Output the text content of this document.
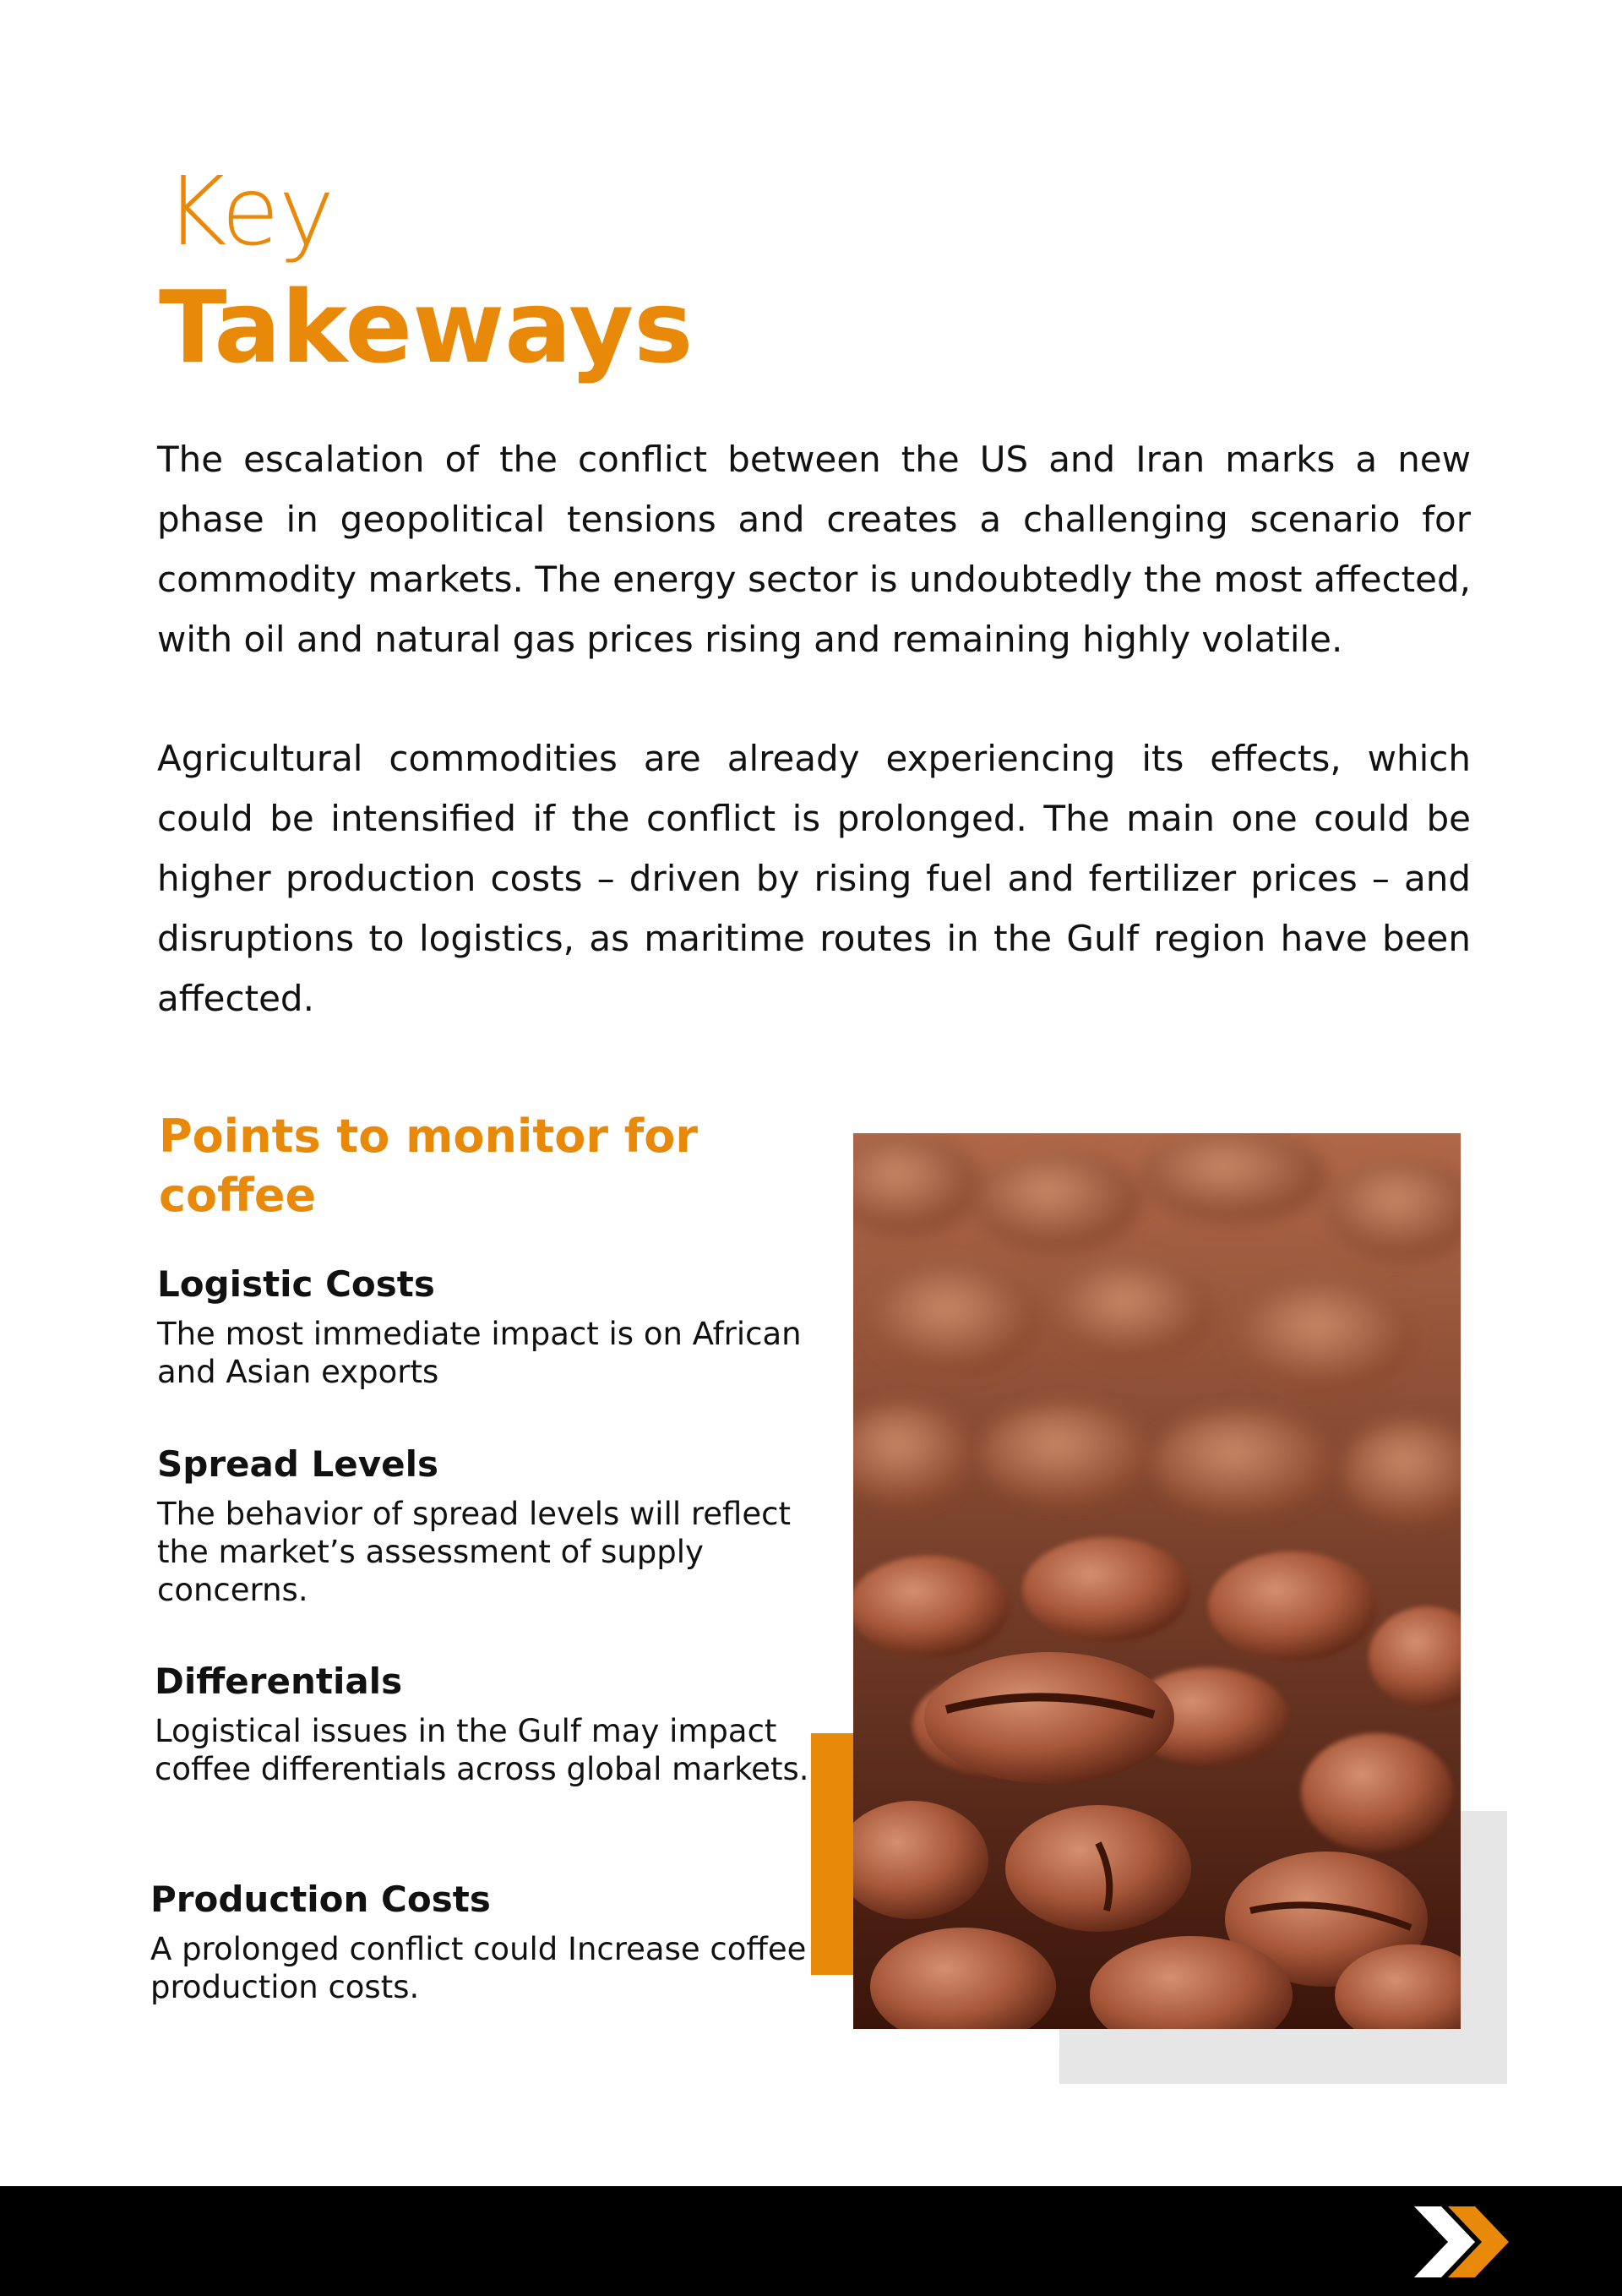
Key
Takeways

The escalation of the conflict between the US and Iran marks a new phase in geopolitical tensions and creates a challenging scenario for commodity markets. The energy sector is undoubtedly the most affected, with oil and natural gas prices rising and remaining highly volatile.

Agricultural commodities are already experiencing its effects, which could be intensified if the conflict is prolonged. The main one could be higher production costs – driven by rising fuel and fertilizer prices – and disruptions to logistics, as maritime routes in the Gulf region have been affected.

Points to monitor for coffee
Logistic Costs

The most immediate impact is on African and Asian exports

Spread Levels

The behavior of spread levels will reflect the market’s assessment of supply concerns.

Differentials

Logistical issues in the Gulf may impact coffee differentials across global markets.

Production Costs

A prolonged conflict could Increase coffee production costs.
